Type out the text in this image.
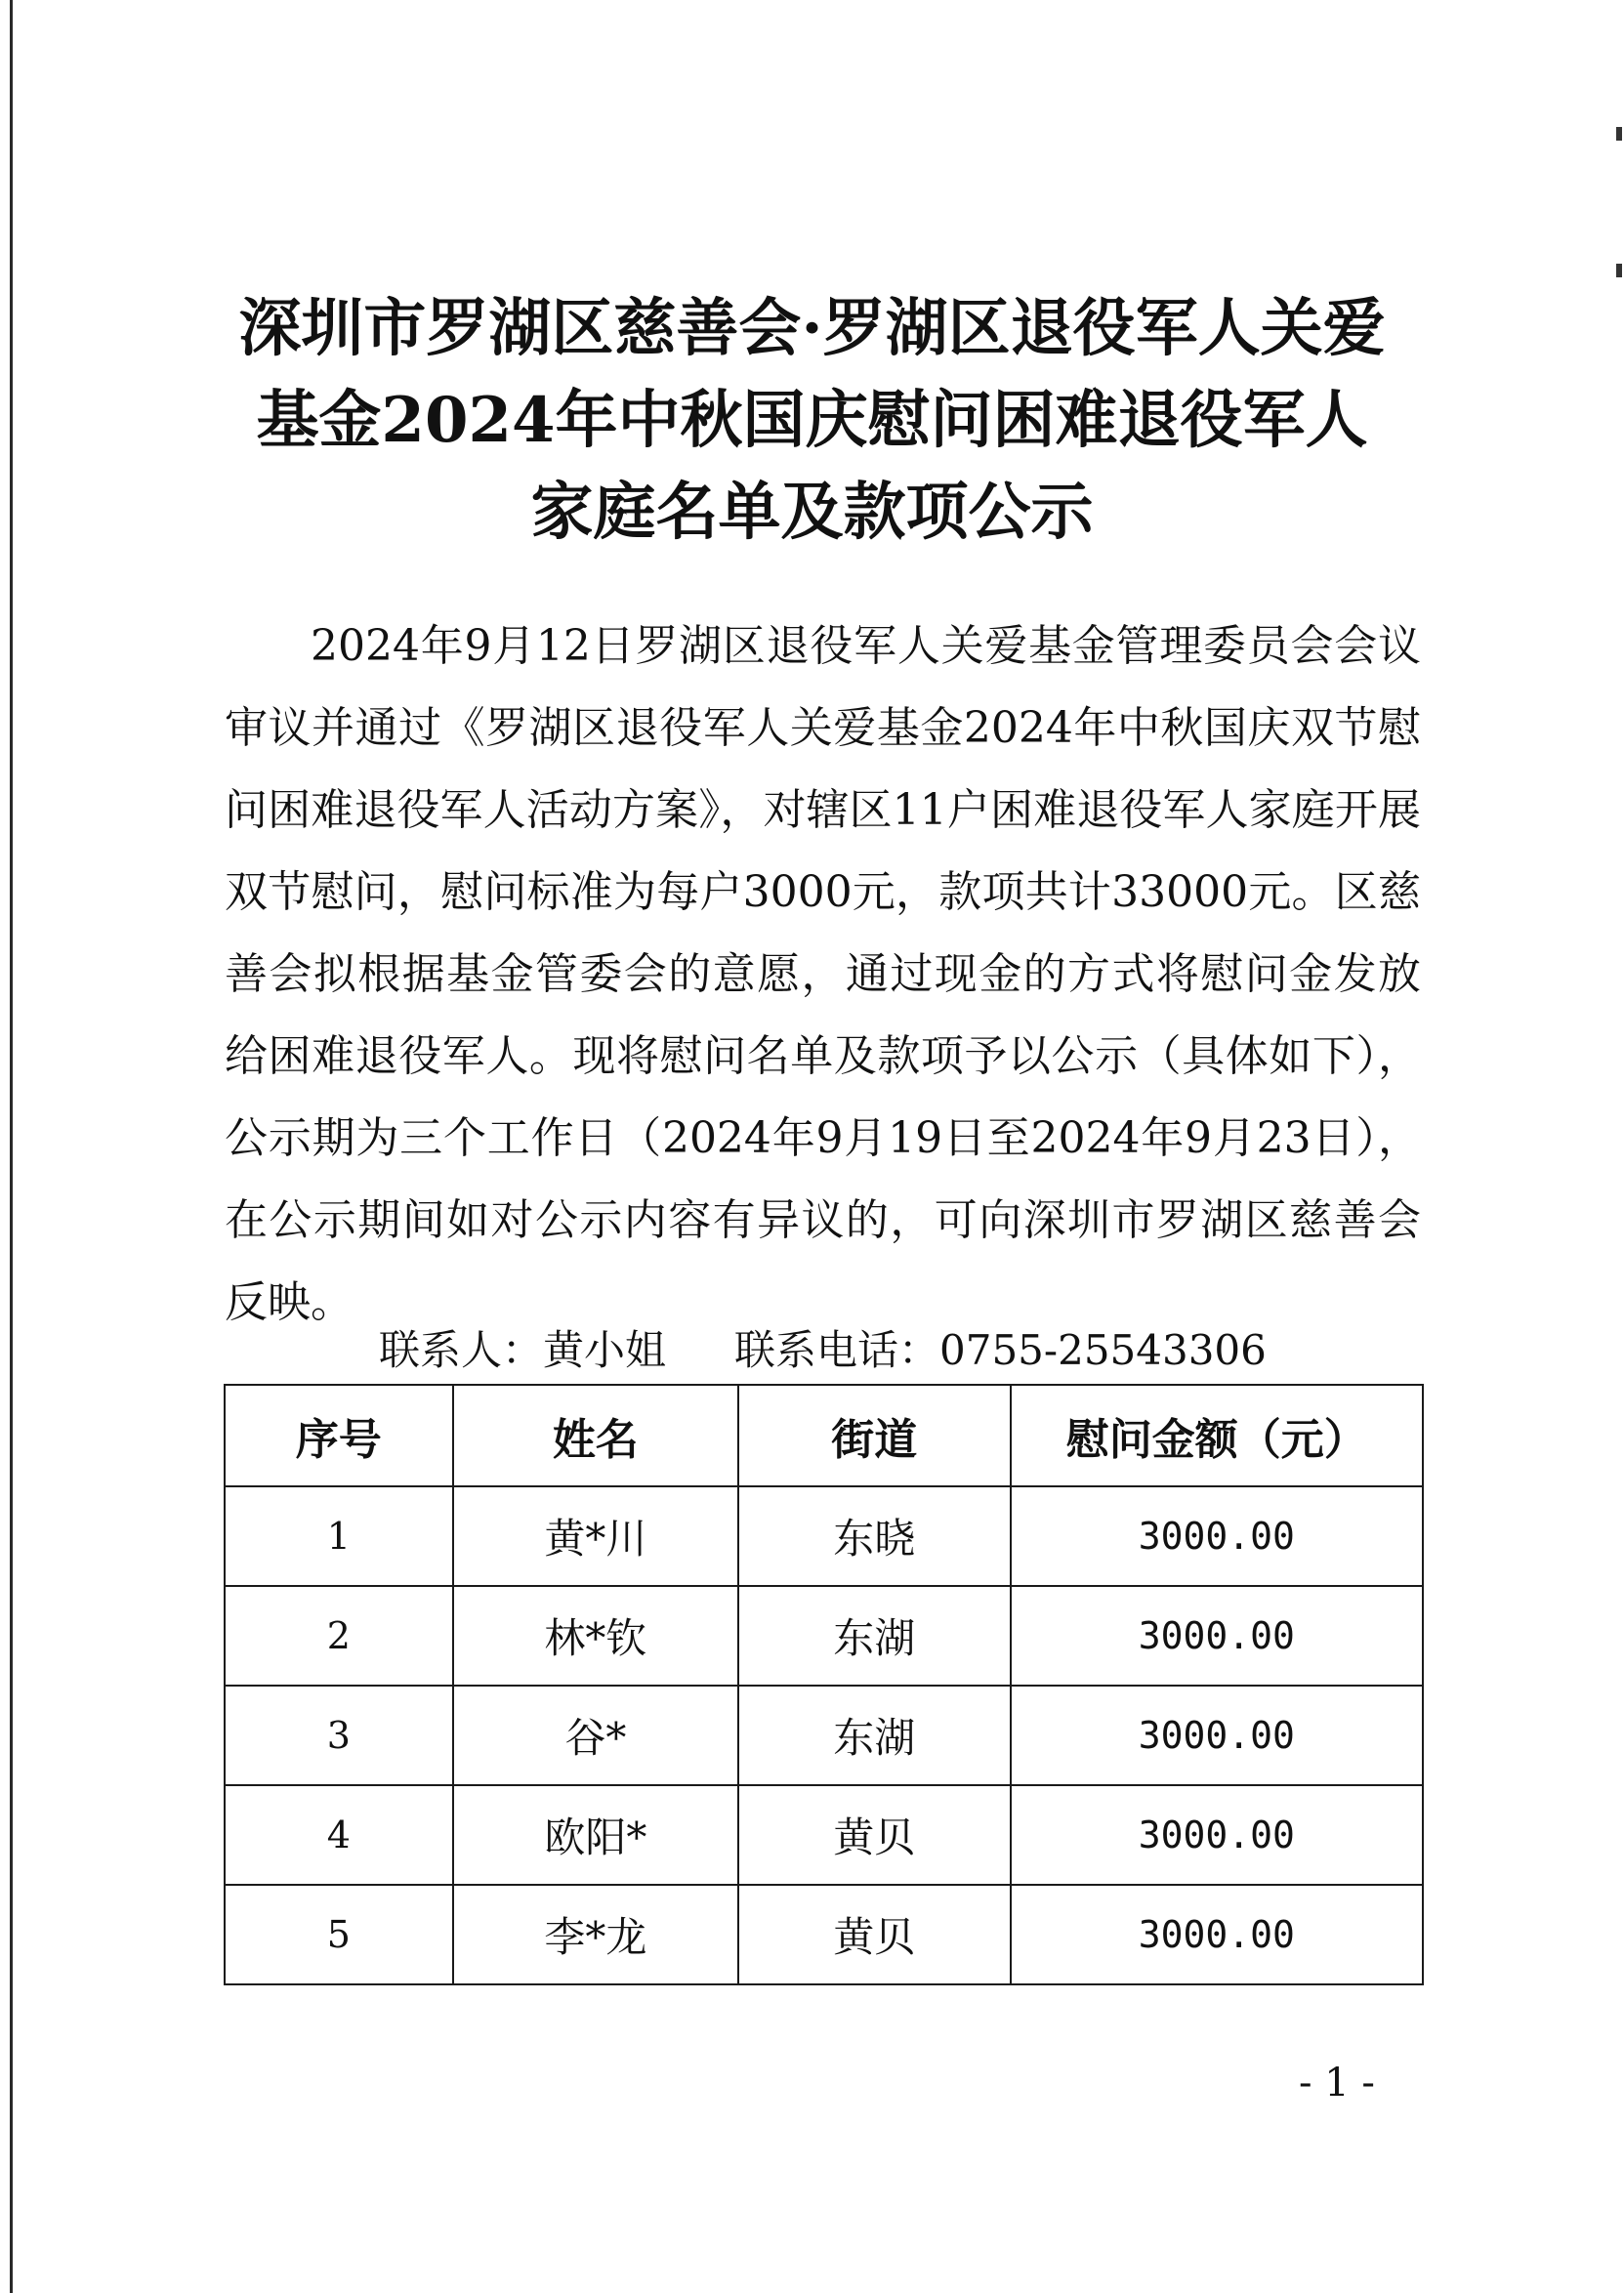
深圳市罗湖区慈善会·罗湖区退役军人关爱
基金2024年中秋国庆慰问困难退役军人
家庭名单及款项公示

2024年9月12日罗湖区退役军人关爱基金管理委员会会议审议并通过《罗湖区退役军人关爱基金2024年中秋国庆双节慰问困难退役军人活动方案》，对辖区11户困难退役军人家庭开展双节慰问，慰问标准为每户3000元，款项共计33000元。区慈善会拟根据基金管委会的意愿，通过现金的方式将慰问金发放给困难退役军人。现将慰问名单及款项予以公示（具体如下），公示期为三个工作日（2024年9月19日至2024年9月23日），在公示期间如对公示内容有异议的，可向深圳市罗湖区慈善会反映。

联系人：黄小姐 联系电话：0755-25543306
序号	姓名	街道	慰问金额（元）
1	黄*川	东晓	3000.00
2	林*钦	东湖	3000.00
3	谷*	东湖	3000.00
4	欧阳*	黄贝	3000.00
5	李*龙	黄贝	3000.00
- 1 -
